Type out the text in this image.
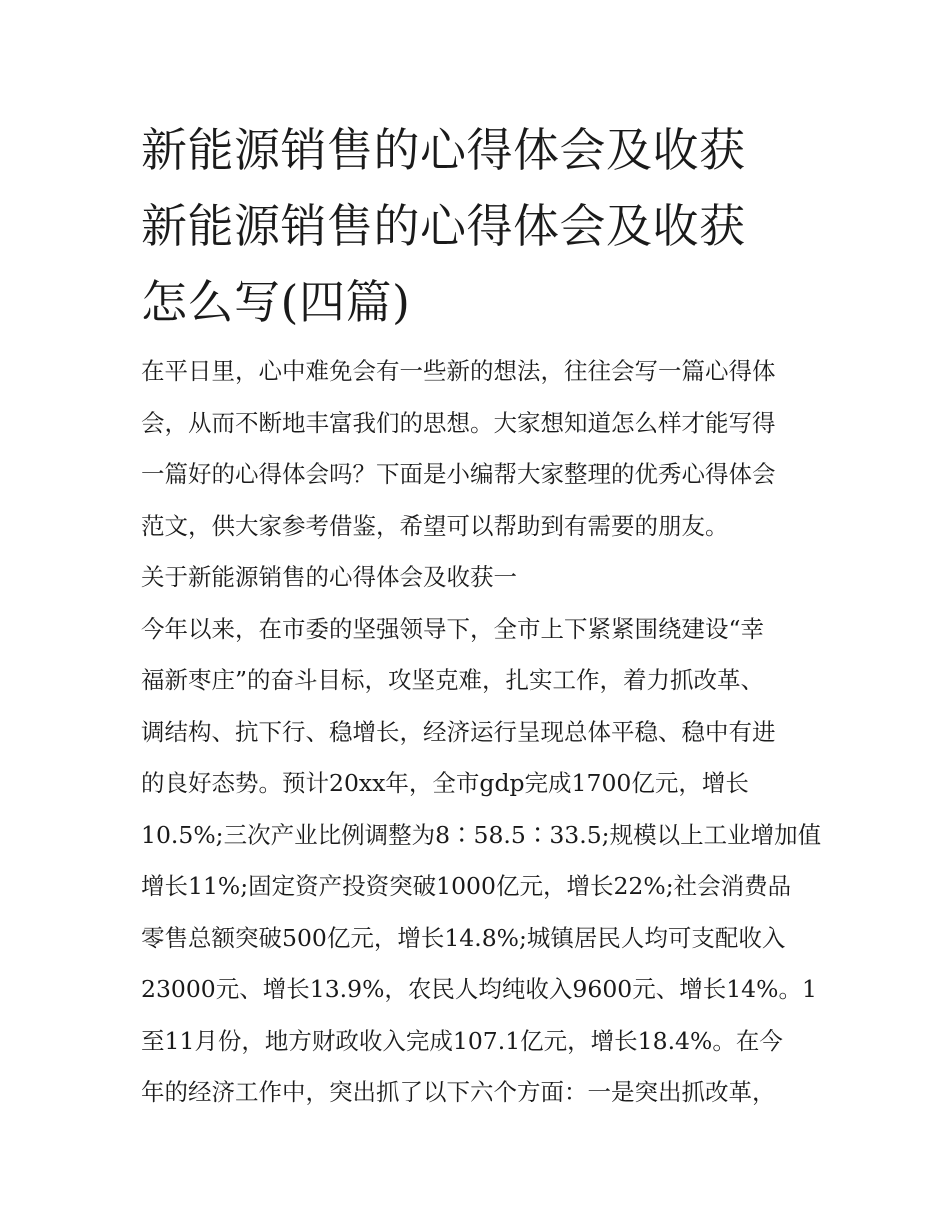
新能源销售的心得体会及收获
新能源销售的心得体会及收获
怎么写(四篇)

在平日里，心中难免会有一些新的想法，往往会写一篇心得体
会，从而不断地丰富我们的思想。大家想知道怎么样才能写得
一篇好的心得体会吗？下面是小编帮大家整理的优秀心得体会
范文，供大家参考借鉴，希望可以帮助到有需要的朋友。

关于新能源销售的心得体会及收获一

今年以来，在市委的坚强领导下，全市上下紧紧围绕建设“幸
福新枣庄”的奋斗目标，攻坚克难，扎实工作，着力抓改革、
调结构、抗下行、稳增长，经济运行呈现总体平稳、稳中有进
的良好态势。预计20xx年，全市gdp完成1700亿元，增长
10.5%;三次产业比例调整为8∶58.5∶33.5;规模以上工业增加值
增长11%;固定资产投资突破1000亿元，增长22%;社会消费品
零售总额突破500亿元，增长14.8%;城镇居民人均可支配收入
23000元、增长13.9%，农民人均纯收入9600元、增长14%。1
至11月份，地方财政收入完成107.1亿元，增长18.4%。在今
年的经济工作中，突出抓了以下六个方面：一是突出抓改革，
